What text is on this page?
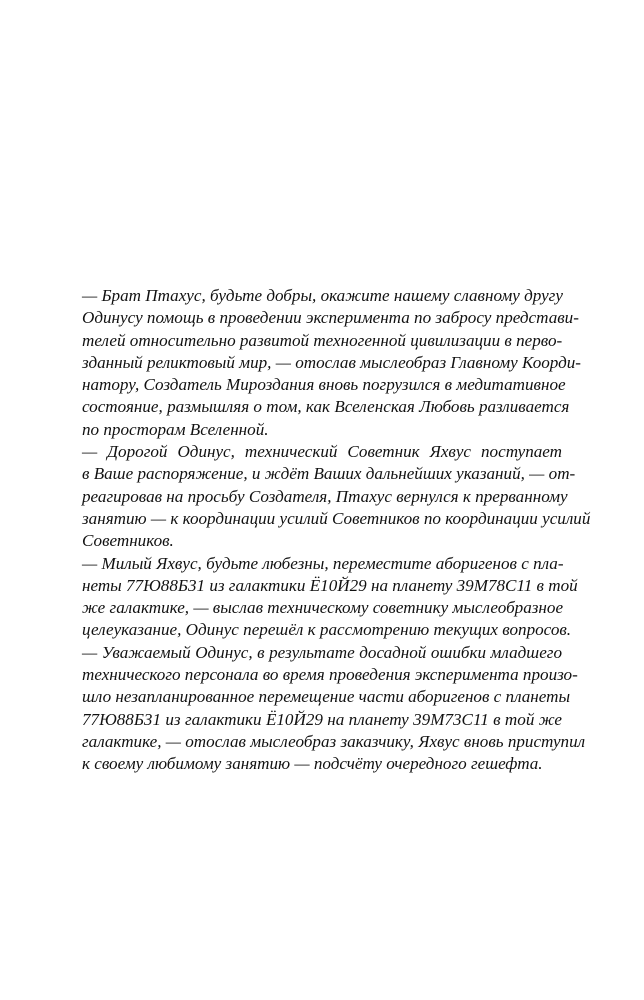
— Брат Птахус, будьте добры, окажите нашему славному другу
Одинусу помощь в проведении эксперимента по забросу представи-
телей относительно развитой техногенной цивилизации в перво-
зданный реликтовый мир, — отослав мыслеобраз Главному Коорди-
натору, Создатель Мироздания вновь погрузился в медитативное
состояние, размышляя о том, как Вселенская Любовь разливается
по просторам Вселенной.
— Дорогой Одинус, технический Советник Яхвус поступает
в Ваше распоряжение, и ждёт Ваших дальнейших указаний, — от-
реагировав на просьбу Создателя, Птахус вернулся к прерванному
занятию — к координации усилий Советников по координации усилий
Советников.
— Милый Яхвус, будьте любезны, переместите аборигенов с пла-
неты 77Ю88Б31 из галактики Ё10Й29 на планету 39М78С11 в той
же галактике, — выслав техническому советнику мыслеобразное
целеуказание, Одинус перешёл к рассмотрению текущих вопросов.
— Уважаемый Одинус, в результате досадной ошибки младшего
технического персонала во время проведения эксперимента произо-
шло незапланированное перемещение части аборигенов с планеты
77Ю88Б31 из галактики Ё10Й29 на планету 39М73С11 в той же
галактике, — отослав мыслеобраз заказчику, Яхвус вновь приступил
к своему любимому занятию — подсчёту очередного гешефта.
